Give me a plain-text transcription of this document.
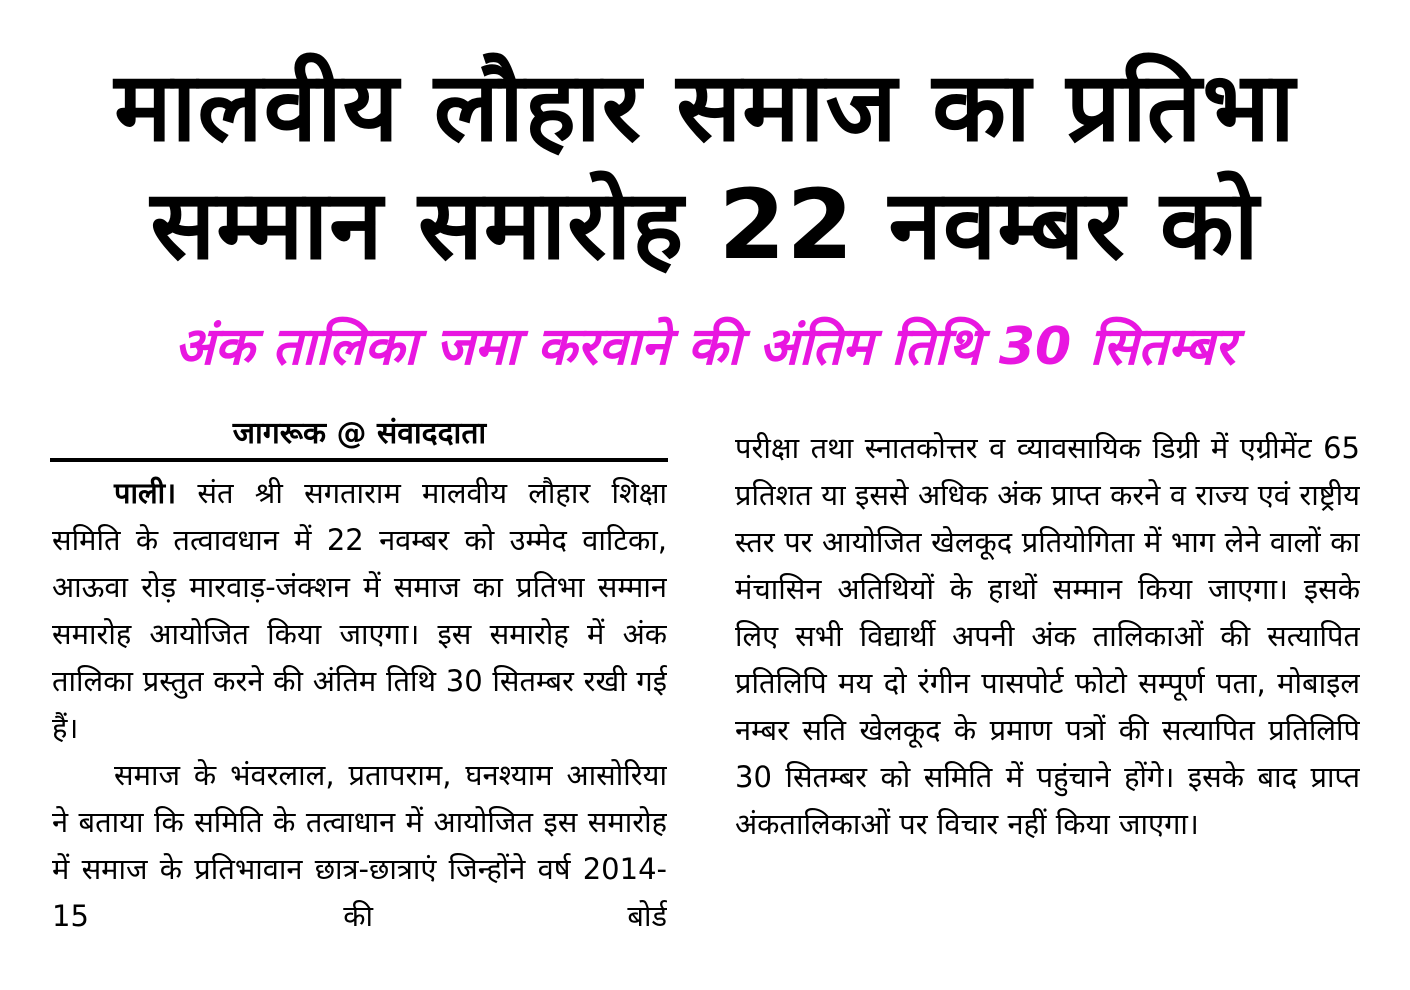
मालवीय लौहार समाज का प्रतिभा
सम्मान समारोह 22 नवम्बर को
अंक तालिका जमा करवाने की अंतिम तिथि 30 सितम्बर
जागरूक @ संवाददाता

पाली। संत श्री सगताराम मालवीय लौहार शिक्षा समिति के तत्वावधान में 22 नवम्बर को उम्मेद वाटिका, आऊवा रोड़ मारवाड़-जंक्शन में समाज का प्रतिभा सम्मान समारोह आयोजित किया जाएगा। इस समारोह में अंक तालिका प्रस्तुत करने की अंतिम तिथि 30 सितम्बर रखी गई हैं।

समाज के भंवरलाल, प्रतापराम, घनश्याम आसोरिया ने बताया कि समिति के तत्वाधान में आयोजित इस समारोह में समाज के प्रतिभावान छात्र-छात्राएं जिन्होंने वर्ष 2014-15 की बोर्ड

परीक्षा तथा स्नातकोत्तर व व्यावसायिक डिग्री में एग्रीमेंट 65 प्रतिशत या इससे अधिक अंक प्राप्त करने व राज्य एवं राष्ट्रीय स्तर पर आयोजित खेलकूद प्रतियोगिता में भाग लेने वालों का मंचासिन अतिथियों के हाथों सम्मान किया जाएगा। इसके लिए सभी विद्यार्थी अपनी अंक तालिकाओं की सत्यापित प्रतिलिपि मय दो रंगीन पासपोर्ट फोटो सम्पूर्ण पता, मोबाइल नम्बर सति खेलकूद के प्रमाण पत्रों की सत्यापित प्रतिलिपि 30 सितम्बर को समिति में पहुंचाने होंगे। इसके बाद प्राप्त अंकतालिकाओं पर विचार नहीं किया जाएगा।
